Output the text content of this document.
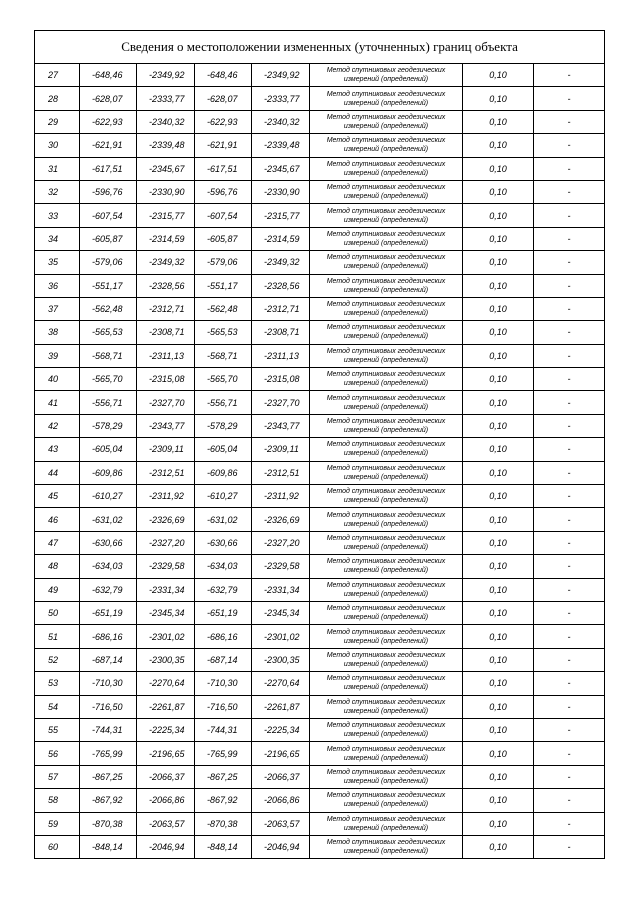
Сведения о местоположении измененных (уточненных) границ объекта							
27	-648,46	-2349,92	-648,46	-2349,92	Метод спутниковых геодезических
измерений (определений)	0,10	-
28	-628,07	-2333,77	-628,07	-2333,77	Метод спутниковых геодезических
измерений (определений)	0,10	-
29	-622,93	-2340,32	-622,93	-2340,32	Метод спутниковых геодезических
измерений (определений)	0,10	-
30	-621,91	-2339,48	-621,91	-2339,48	Метод спутниковых геодезических
измерений (определений)	0,10	-
31	-617,51	-2345,67	-617,51	-2345,67	Метод спутниковых геодезических
измерений (определений)	0,10	-
32	-596,76	-2330,90	-596,76	-2330,90	Метод спутниковых геодезических
измерений (определений)	0,10	-
33	-607,54	-2315,77	-607,54	-2315,77	Метод спутниковых геодезических
измерений (определений)	0,10	-
34	-605,87	-2314,59	-605,87	-2314,59	Метод спутниковых геодезических
измерений (определений)	0,10	-
35	-579,06	-2349,32	-579,06	-2349,32	Метод спутниковых геодезических
измерений (определений)	0,10	-
36	-551,17	-2328,56	-551,17	-2328,56	Метод спутниковых геодезических
измерений (определений)	0,10	-
37	-562,48	-2312,71	-562,48	-2312,71	Метод спутниковых геодезических
измерений (определений)	0,10	-
38	-565,53	-2308,71	-565,53	-2308,71	Метод спутниковых геодезических
измерений (определений)	0,10	-
39	-568,71	-2311,13	-568,71	-2311,13	Метод спутниковых геодезических
измерений (определений)	0,10	-
40	-565,70	-2315,08	-565,70	-2315,08	Метод спутниковых геодезических
измерений (определений)	0,10	-
41	-556,71	-2327,70	-556,71	-2327,70	Метод спутниковых геодезических
измерений (определений)	0,10	-
42	-578,29	-2343,77	-578,29	-2343,77	Метод спутниковых геодезических
измерений (определений)	0,10	-
43	-605,04	-2309,11	-605,04	-2309,11	Метод спутниковых геодезических
измерений (определений)	0,10	-
44	-609,86	-2312,51	-609,86	-2312,51	Метод спутниковых геодезических
измерений (определений)	0,10	-
45	-610,27	-2311,92	-610,27	-2311,92	Метод спутниковых геодезических
измерений (определений)	0,10	-
46	-631,02	-2326,69	-631,02	-2326,69	Метод спутниковых геодезических
измерений (определений)	0,10	-
47	-630,66	-2327,20	-630,66	-2327,20	Метод спутниковых геодезических
измерений (определений)	0,10	-
48	-634,03	-2329,58	-634,03	-2329,58	Метод спутниковых геодезических
измерений (определений)	0,10	-
49	-632,79	-2331,34	-632,79	-2331,34	Метод спутниковых геодезических
измерений (определений)	0,10	-
50	-651,19	-2345,34	-651,19	-2345,34	Метод спутниковых геодезических
измерений (определений)	0,10	-
51	-686,16	-2301,02	-686,16	-2301,02	Метод спутниковых геодезических
измерений (определений)	0,10	-
52	-687,14	-2300,35	-687,14	-2300,35	Метод спутниковых геодезических
измерений (определений)	0,10	-
53	-710,30	-2270,64	-710,30	-2270,64	Метод спутниковых геодезических
измерений (определений)	0,10	-
54	-716,50	-2261,87	-716,50	-2261,87	Метод спутниковых геодезических
измерений (определений)	0,10	-
55	-744,31	-2225,34	-744,31	-2225,34	Метод спутниковых геодезических
измерений (определений)	0,10	-
56	-765,99	-2196,65	-765,99	-2196,65	Метод спутниковых геодезических
измерений (определений)	0,10	-
57	-867,25	-2066,37	-867,25	-2066,37	Метод спутниковых геодезических
измерений (определений)	0,10	-
58	-867,92	-2066,86	-867,92	-2066,86	Метод спутниковых геодезических
измерений (определений)	0,10	-
59	-870,38	-2063,57	-870,38	-2063,57	Метод спутниковых геодезических
измерений (определений)	0,10	-
60	-848,14	-2046,94	-848,14	-2046,94	Метод спутниковых геодезических
измерений (определений)	0,10	-
